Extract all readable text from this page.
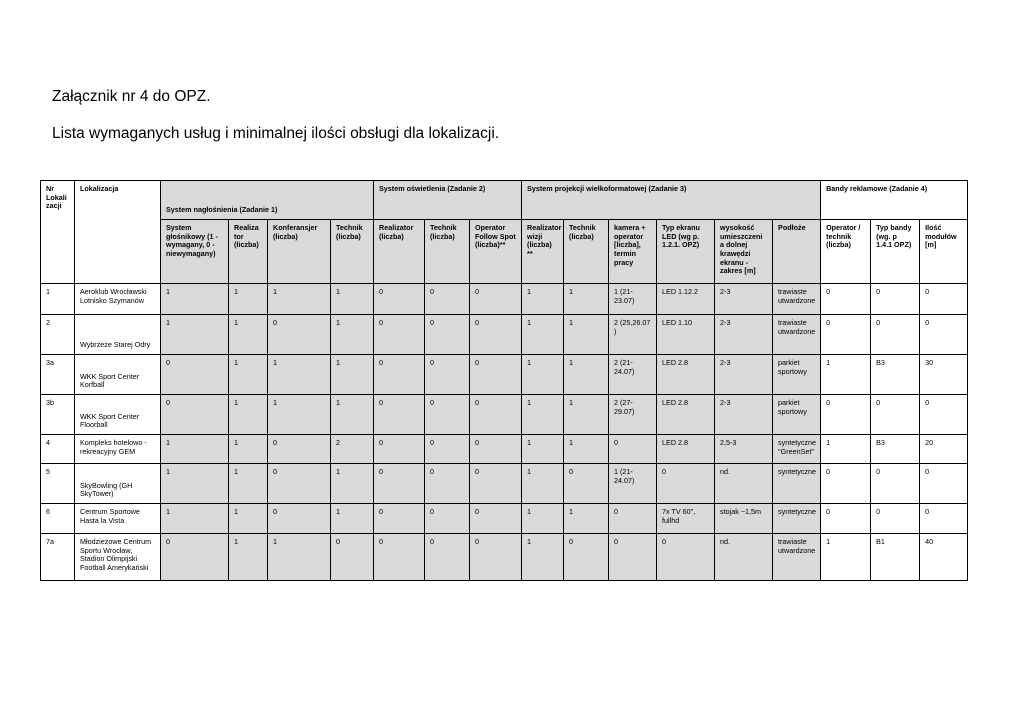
Załącznik nr 4 do OPZ.
Lista wymaganych usług i minimalnej ilości obsługi dla lokalizacji.
Nr Lokali zacji	Lokalizacja	System nagłośnienia (Zadanie 1)				System oświetlenia (Zadanie 2)			System projekcji wielkoformatowej (Zadanie 3)						Bandy reklamowe (Zadanie 4)		
		System głośnikowy (1 - wymagany, 0 - niewymagany)	Realiza tor (liczba)	Konferansjer (liczba)	Technik (liczba)	Realizator (liczba)	Technik (liczba)	Operator Follow Spot (liczba)**	Realizator wizji (liczba) **	Technik (liczba)	kamera + operator [liczba], termin pracy	Typ ekranu LED (wg p. 1.2.1. OPZ)	wysokość umieszczeni a dolnej krawędzi ekranu - zakres [m]	Podłoże	Operator / technik (liczba)	Typ bandy (wg. p 1.4.1 OPZ)	Ilość modułów [m]
1	Aeroklub Wrocławski Lotnisko Szymanów	1	1	1	1	0	0	0	1	1	1 (21- 23.07)	LED 1.12.2	2-3	trawiaste utwardzone	0	0	0
2	Wybrzeże Starej Odry	1	1	0	1	0	0	0	1	1	2 (25,26.07 )	LED 1.10	2-3	trawiaste utwardzone	0	0	0
3a	WKK Sport Center Korfball	0	1	1	1	0	0	0	1	1	2 (21- 24.07)	LED 2.8	2-3	parkiet sportowy	1	B3	30
3b	WKK Sport Center Floorball	0	1	1	1	0	0	0	1	1	2 (27- 29.07)	LED 2.8	2-3	parkiet sportowy	0	0	0
4	Kompleks hotelowo - rekreacyjny GEM	1	1	0	2	0	0	0	1	1	0	LED 2.8	2,5-3	syntetyczne "GreenSet"	1	B3	20
5	SkyBowling (GH SkyTower)	1	1	0	1	0	0	0	1	0	1 (21- 24.07)	0	nd.	syntetyczne	0	0	0
6	Centrum Sportowe Hasta la Vista	1	1	0	1	0	0	0	1	1	0	7x TV 60", fullhd	stojak ~1,5m	syntetyczne	0	0	0
7a	Młodzieżowe Centrum Sportu Wrocław, Stadion Olimpijski Football Amerykański	0	1	1	0	0	0	0	1	0	0	0	nd.	trawiaste utwardzone	1	B1	40
